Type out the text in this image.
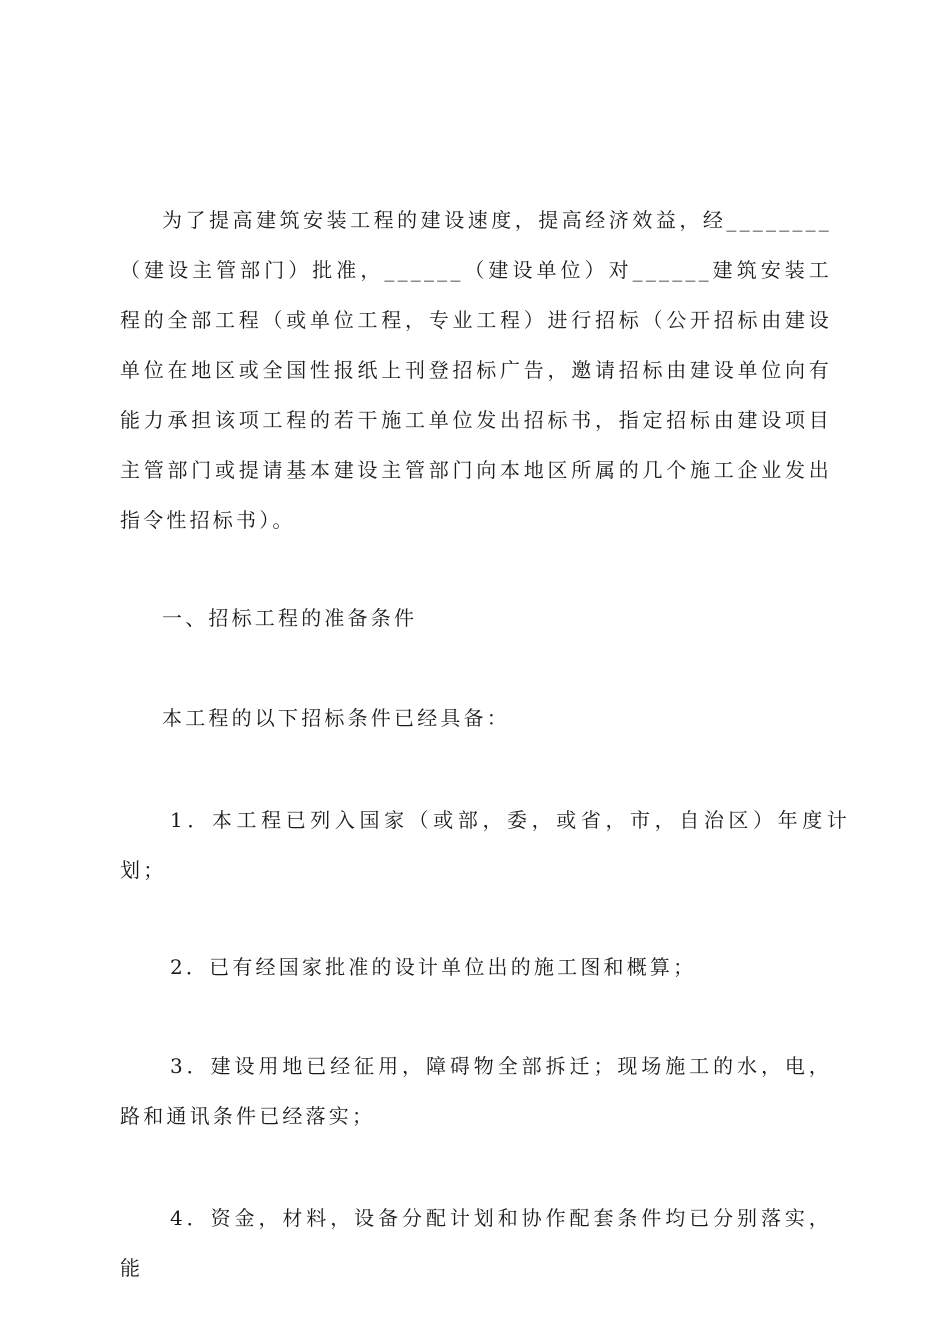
为了提高建筑安装工程的建设速度，提高经济效益，经________（建设主管部门）批准，______（建设单位）对______建筑安装工程的全部工程（或单位工程，专业工程）进行招标（公开招标由建设单位在地区或全国性报纸上刊登招标广告，邀请招标由建设单位向有能力承担该项工程的若干施工单位发出招标书，指定招标由建设项目主管部门或提请基本建设主管部门向本地区所属的几个施工企业发出指令性招标书）。

一、招标工程的准备条件

本工程的以下招标条件已经具备：

1．本工程已列入国家（或部，委，或省，市，自治区）年度计划；

2．已有经国家批准的设计单位出的施工图和概算；

3．建设用地已经征用，障碍物全部拆迁；现场施工的水，电，路和通讯条件已经落实；

4．资金，材料，设备分配计划和协作配套条件均已分别落实，能
